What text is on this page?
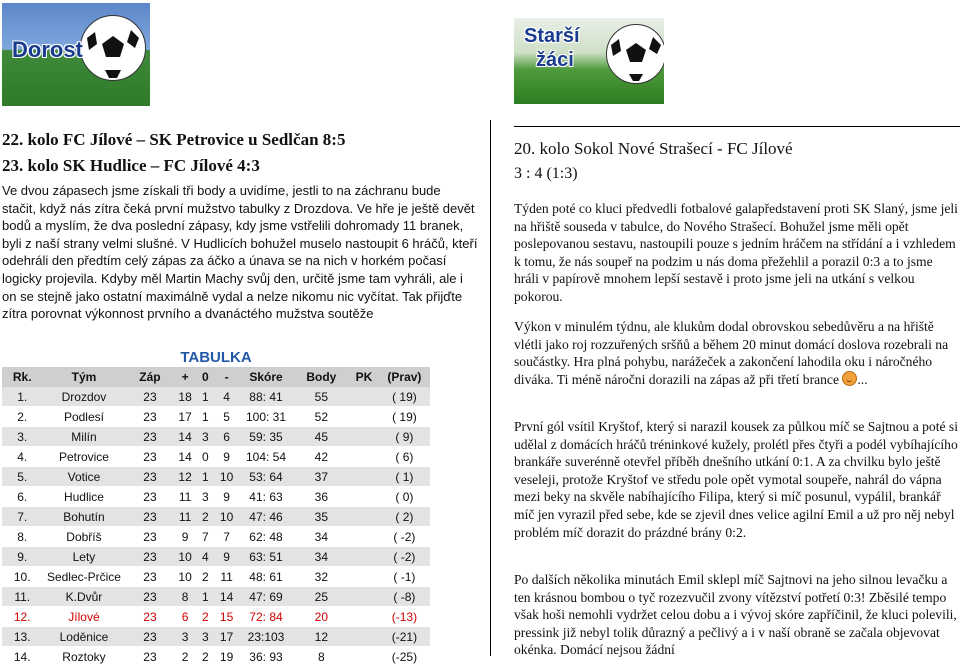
Dorost
Starší
žáci
22. kolo FC Jílové – SK Petrovice u Sedlčan 8:5
23. kolo SK Hudlice – FC Jílové 4:3
Ve dvou zápasech jsme získali tři body a uvidíme, jestli to na záchranu bude stačit, když nás zítra čeká první mužstvo tabulky z Drozdova. Ve hře je ještě devět bodů a myslím, že dva poslední zápasy, kdy jsme vstřelili dohromady 11 branek, byli z naší strany velmi slušné. V Hudlicích bohužel muselo nastoupit 6 hráčů, kteří odehráli den předtím celý zápas za áčko a únava se na nich v horkém počasí logicky projevila. Kdyby měl Martin Machy svůj den, určitě jsme tam vyhráli, ale i on se stejně jako ostatní maximálně vydal a nelze nikomu nic vyčítat. Tak přijďte zítra porovnat výkonnost prvního a dvanáctého mužstva soutěže
TABULKA
Rk.	Tým	Záp	+	0	-	Skóre	Body	PK	(Prav)
1.	Drozdov	23	18	1	4	88: 41	55		( 19)
2.	Podlesí	23	17	1	5	100: 31	52		( 19)
3.	Milín	23	14	3	6	59: 35	45		( 9)
4.	Petrovice	23	14	0	9	104: 54	42		( 6)
5.	Votice	23	12	1	10	53: 64	37		( 1)
6.	Hudlice	23	11	3	9	41: 63	36		( 0)
7.	Bohutín	23	11	2	10	47: 46	35		( 2)
8.	Dobříš	23	9	7	7	62: 48	34		( -2)
9.	Lety	23	10	4	9	63: 51	34		( -2)
10.	Sedlec-Prčice	23	10	2	11	48: 61	32		( -1)
11.	K.Dvůr	23	8	1	14	47: 69	25		( -8)
12.	Jílové	23	6	2	15	72: 84	20		(-13)
13.	Loděnice	23	3	3	17	23:103	12		(-21)
14.	Roztoky	23	2	2	19	36: 93	8		(-25)
20. kolo Sokol Nové Strašecí - FC Jílové
3 : 4 (1:3)
Týden poté co kluci předvedli fotbalové galapředstavení proti SK Slaný, jsme jeli na hřiště souseda v tabulce, do Nového Strašecí. Bohužel jsme měli opět poslepovanou sestavu, nastoupili pouze s jedním hráčem na střídání a i vzhledem k tomu, že nás soupeř na podzim u nás doma přežehlil a porazil 0:3 a to jsme hráli v papírově mnohem lepší sestavě i proto jsme jeli na utkání s velkou pokorou.
Výkon v minulém týdnu, ale klukům dodal obrovskou sebedůvěru a na hřiště vlétli jako roj rozzuřených sršňů a během 20 minut domácí doslova rozebrali na součástky. Hra plná pohybu, narážeček a zakončení lahodila oku i náročného diváka. Ti méně náročni dorazili na zápas až při třetí brance ...
První gól vsítil Kryštof, který si narazil kousek za půlkou míč se Sajtnou a poté si udělal z domácích hráčů tréninkové kužely, prolétl přes čtyři a podél vybíhajícího brankáře suverénně otevřel příběh dnešního utkání 0:1. A za chvilku bylo ještě veseleji, protože Kryštof ve středu pole opět vymotal soupeře, nahrál do vápna mezi beky na skvěle nabíhajícího Filipa, který si míč posunul, vypálil, brankář míč jen vyrazil před sebe, kde se zjevil dnes velice agilní Emil a už pro něj nebyl problém míč dorazit do prázdné brány 0:2.
Po dalších několika minutách Emil sklepl míč Sajtnovi na jeho silnou levačku a ten krásnou bombou o tyč rozezvučil zvony vítězství potřetí 0:3! Zběsilé tempo však hoši nemohli vydržet celou dobu a i vývoj skóre zapříčinil, že kluci polevili, pressink již nebyl tolik důrazný a pečlivý a i v naší obraně se začala objevovat okénka. Domácí nejsou žádní
